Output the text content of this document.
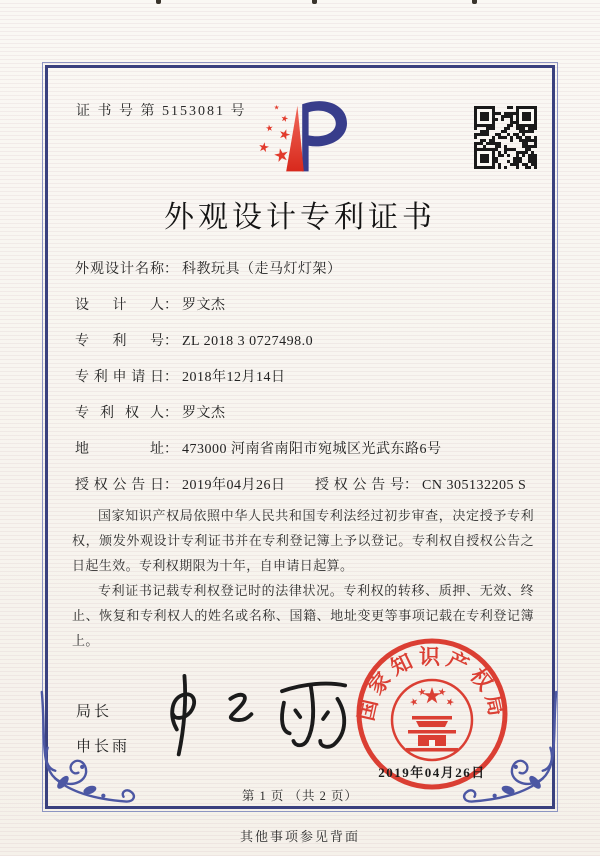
证 书 号 第 5153081 号
外观设计专利证书
外观设计名称： 科教玩具（走马灯灯架）
设计人： 罗文杰
专利号： ZL 2018 3 0727498.0
专利申请日： 2018年12月14日
专利权人： 罗文杰
地址： 473000 河南省南阳市宛城区光武东路6号
授权公告日： 2019年04月26日 授权公告号： CN 305132205 S

国家知识产权局依照中华人民共和国专利法经过初步审查，决定授予专利权，颁发外观设计专利证书并在专利登记簿上予以登记。专利权自授权公告之日起生效。专利权期限为十年，自申请日起算。

专利证书记载专利权登记时的法律状况。专利权的转移、质押、无效、终止、恢复和专利权人的姓名或名称、国籍、地址变更等事项记载在专利登记簿上。

局长
申长雨
国家知识产权局
2019年04月26日
第 1 页 （共 2 页）
其他事项参见背面
